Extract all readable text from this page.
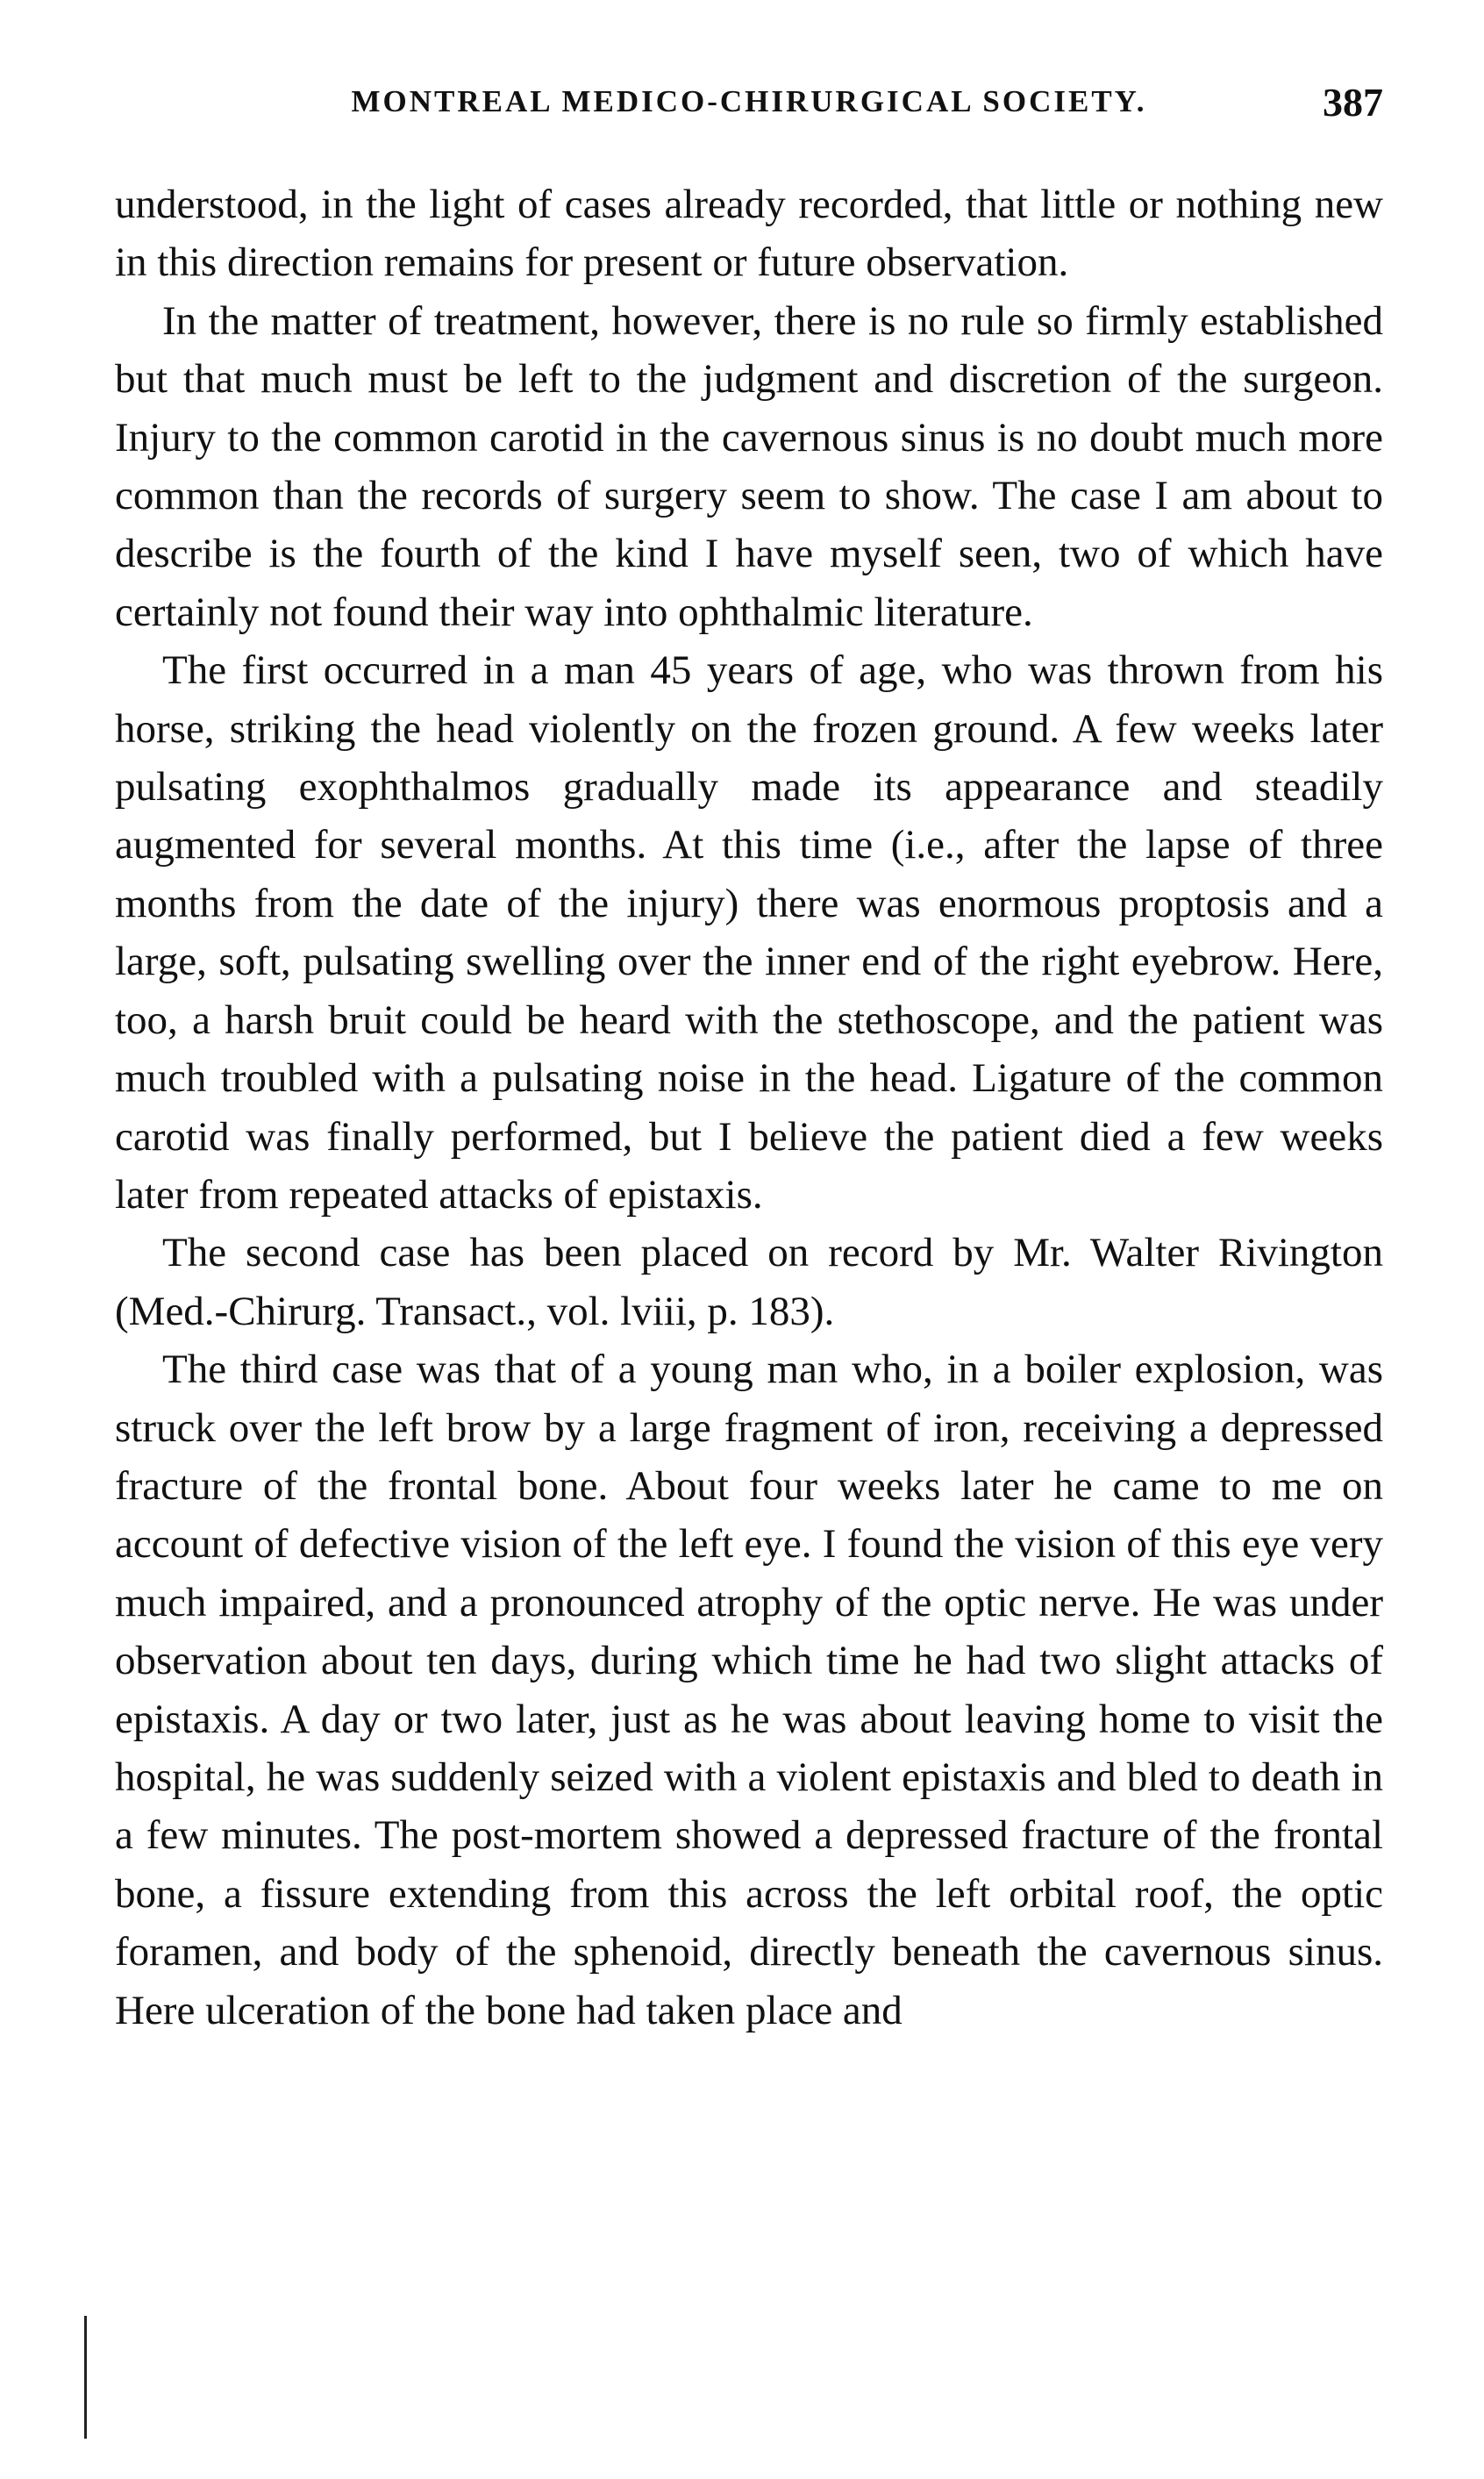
MONTREAL MEDICO-CHIRURGICAL SOCIETY.	387

understood, in the light of cases already recorded, that little or nothing new in this direction remains for present or future observation.

In the matter of treatment, however, there is no rule so firmly established but that much must be left to the judgment and discretion of the surgeon. Injury to the common carotid in the cavernous sinus is no doubt much more common than the records of surgery seem to show. The case I am about to describe is the fourth of the kind I have myself seen, two of which have certainly not found their way into ophthalmic literature.

The first occurred in a man 45 years of age, who was thrown from his horse, striking the head violently on the frozen ground. A few weeks later pulsating exophthalmos gradually made its appearance and steadily augmented for several months. At this time (i.e., after the lapse of three months from the date of the injury) there was enormous proptosis and a large, soft, pulsating swelling over the inner end of the right eyebrow. Here, too, a harsh bruit could be heard with the stethoscope, and the patient was much troubled with a pulsating noise in the head. Ligature of the common carotid was finally performed, but I believe the patient died a few weeks later from repeated attacks of epistaxis.

The second case has been placed on record by Mr. Walter Rivington (Med.-Chirurg. Transact., vol. lviii, p. 183).

The third case was that of a young man who, in a boiler explosion, was struck over the left brow by a large fragment of iron, receiving a depressed fracture of the frontal bone. About four weeks later he came to me on account of defective vision of the left eye. I found the vision of this eye very much impaired, and a pronounced atrophy of the optic nerve. He was under observation about ten days, during which time he had two slight attacks of epistaxis. A day or two later, just as he was about leaving home to visit the hospital, he was suddenly seized with a violent epistaxis and bled to death in a few minutes. The post-mortem showed a depressed fracture of the frontal bone, a fissure extending from this across the left orbital roof, the optic foramen, and body of the sphenoid, directly beneath the cavernous sinus. Here ulceration of the bone had taken place and
